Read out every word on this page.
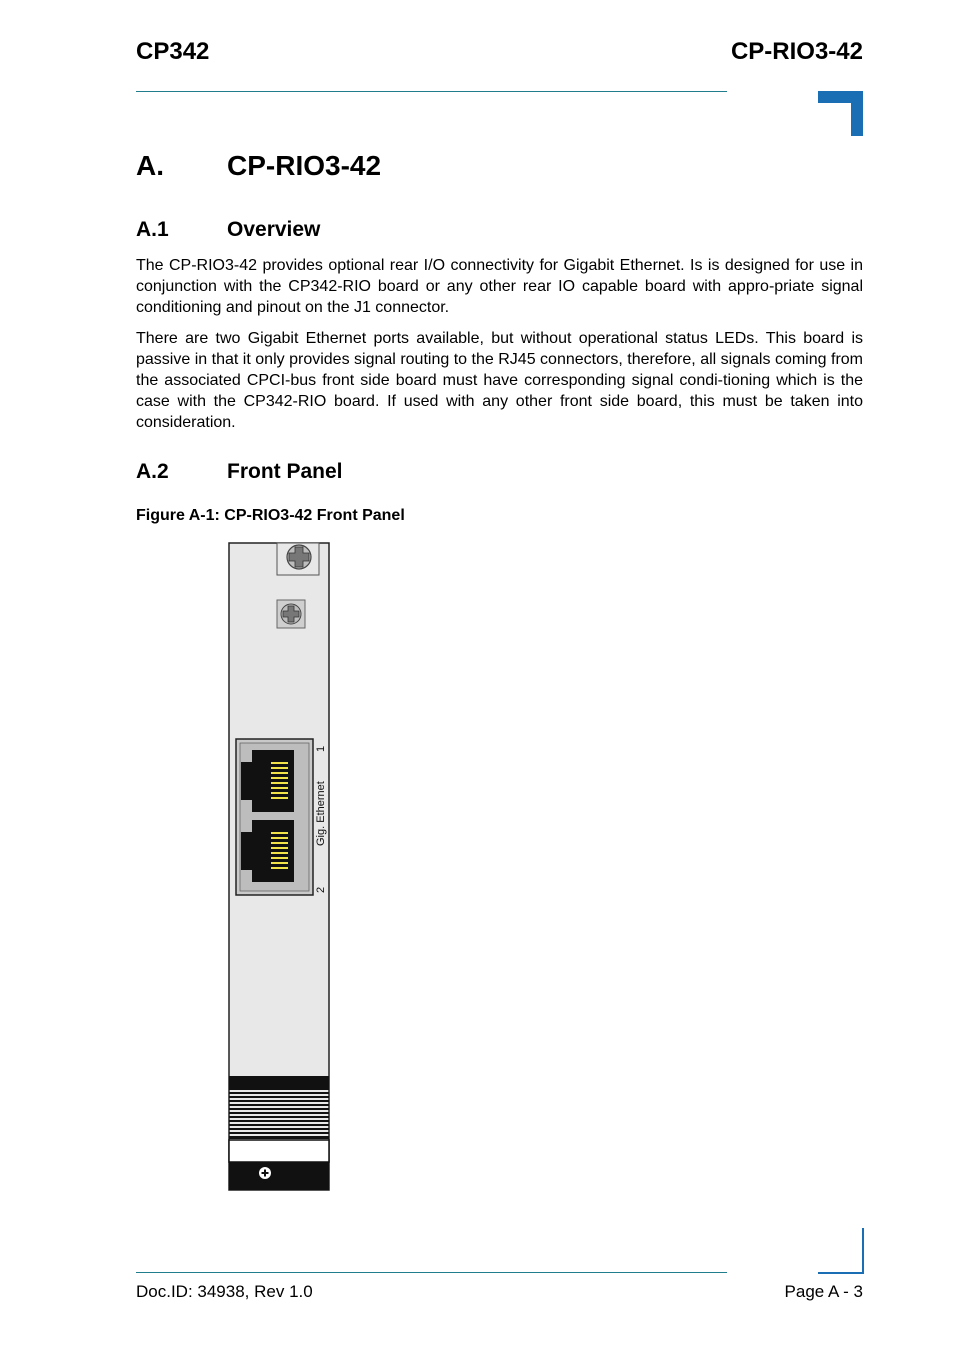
CP342	CP-RIO3-42
A. CP-RIO3-42
A.1	Overview

The CP-RIO3-42 provides optional rear I/O connectivity for Gigabit Ethernet. Is is designed for use in conjunction with the CP342-RIO board or any other rear IO capable board with appro-priate signal conditioning and pinout on the J1 connector.

There are two Gigabit Ethernet ports available, but without operational status LEDs. This board is passive in that it only provides signal routing to the RJ45 connectors, therefore, all signals coming from the associated CPCI-bus front side board must have corresponding signal condi-tioning which is the case with the CP342-RIO board. If used with any other front side board, this must be taken into consideration.

A.2	Front Panel
Figure A-1: CP-RIO3-42 Front Panel
1
Gig. Ethernet
2
Doc.ID: 34938, Rev 1.0	Page A - 3
